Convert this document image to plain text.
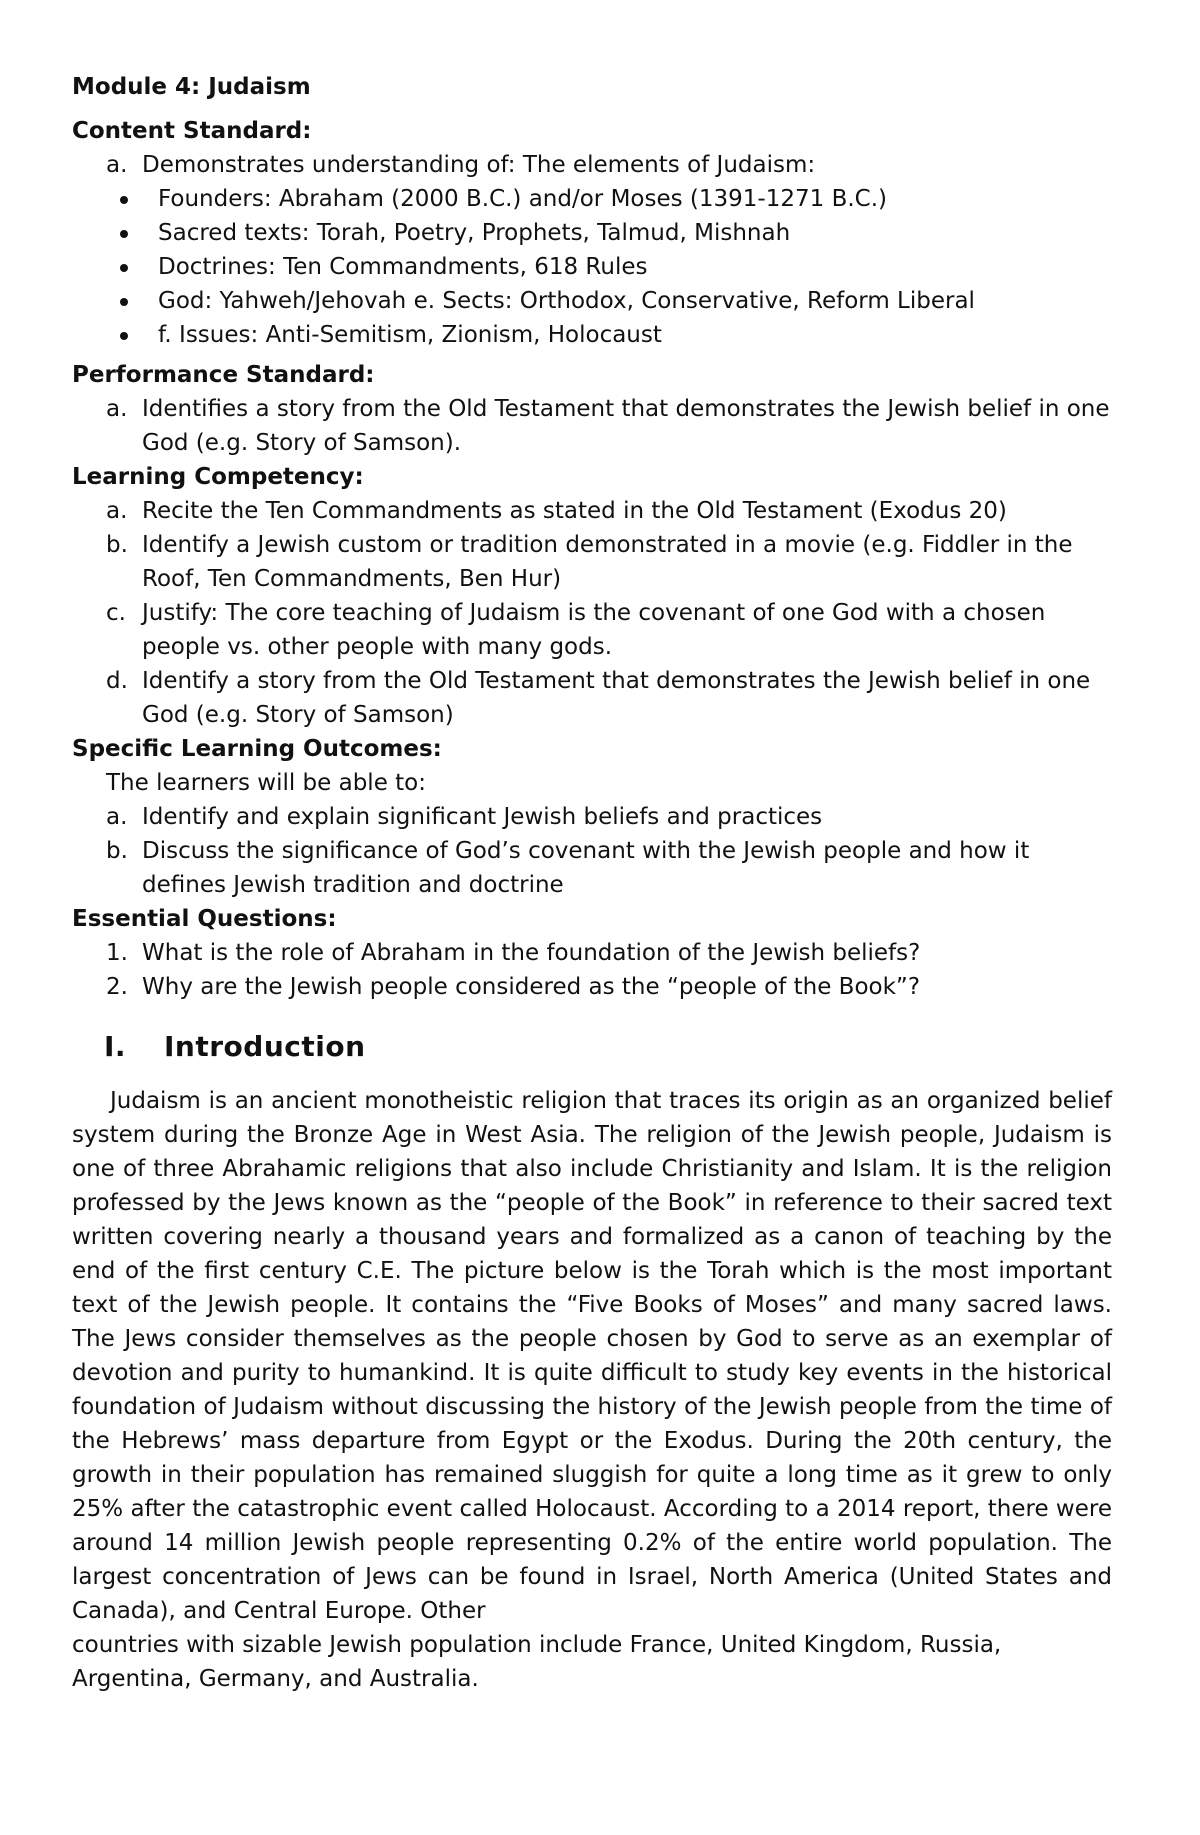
Module 4: Judaism
Content Standard:
a. Demonstrates understanding of: The elements of Judaism:
Founders: Abraham (2000 B.C.) and/or Moses (1391-1271 B.C.)
Sacred texts: Torah, Poetry, Prophets, Talmud, Mishnah
Doctrines: Ten Commandments, 618 Rules
God: Yahweh/Jehovah e. Sects: Orthodox, Conservative, Reform Liberal
f. Issues: Anti-Semitism, Zionism, Holocaust
Performance Standard:
a. Identifies a story from the Old Testament that demonstrates the Jewish belief in one God (e.g. Story of Samson).
Learning Competency:
a. Recite the Ten Commandments as stated in the Old Testament (Exodus 20)
b. Identify a Jewish custom or tradition demonstrated in a movie (e.g. Fiddler in the Roof, Ten Commandments, Ben Hur)
c. Justify: The core teaching of Judaism is the covenant of one God with a chosen people vs. other people with many gods.
d. Identify a story from the Old Testament that demonstrates the Jewish belief in one God (e.g. Story of Samson)
Specific Learning Outcomes:
The learners will be able to:
a. Identify and explain significant Jewish beliefs and practices
b. Discuss the significance of God’s covenant with the Jewish people and how it defines Jewish tradition and doctrine
Essential Questions:
1. What is the role of Abraham in the foundation of the Jewish beliefs?
2. Why are the Jewish people considered as the “people of the Book”?
I.	Introduction

Judaism is an ancient monotheistic religion that traces its origin as an organized belief system during the Bronze Age in West Asia. The religion of the Jewish people, Judaism is one of three Abrahamic religions that also include Christianity and Islam. It is the religion professed by the Jews known as the “people of the Book” in reference to their sacred text written covering nearly a thousand years and formalized as a canon of teaching by the end of the first century C.E. The picture below is the Torah which is the most important text of the Jewish people. It contains the “Five Books of Moses” and many sacred laws. The Jews consider themselves as the people chosen by God to serve as an exemplar of devotion and purity to humankind. It is quite difficult to study key events in the historical foundation of Judaism without discussing the history of the Jewish people from the time of the Hebrews’ mass departure from Egypt or the Exodus. During the 20th century, the growth in their population has remained sluggish for quite a long time as it grew to only 25% after the catastrophic event called Holocaust. According to a 2014 report, there were around 14 million Jewish people representing 0.2% of the entire world population. The largest concentration of Jews can be found in Israel, North America (United States and Canada), and Central Europe. Other

countries with sizable Jewish population include France, United Kingdom, Russia, Argentina, Germany, and Australia.
